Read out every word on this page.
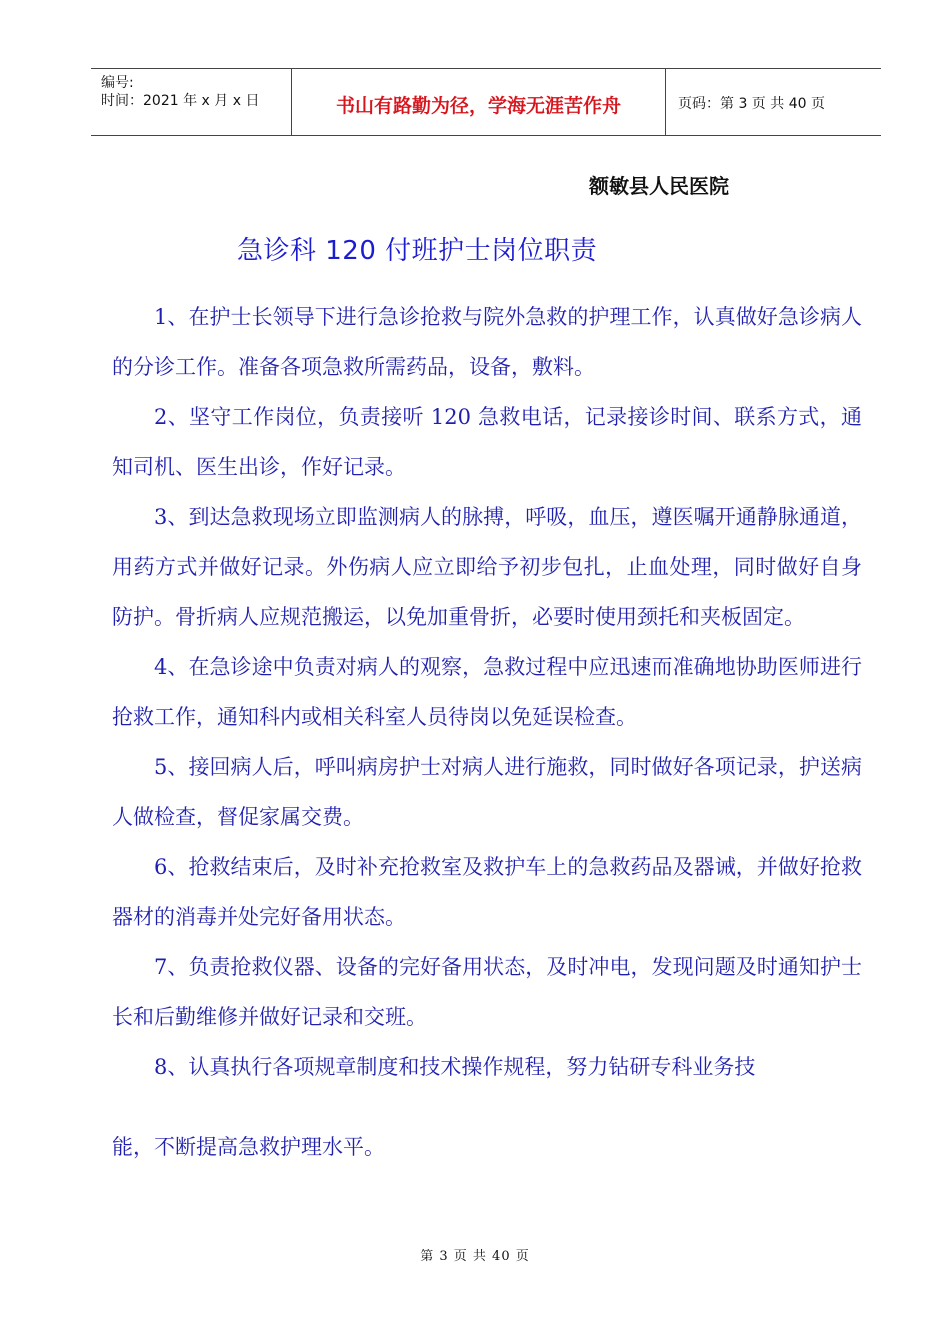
编号:
时间：2021 年 x 月 x 日	书山有路勤为径，学海无涯苦作舟	页码：第 3 页 共 40 页
额敏县人民医院
急诊科 120 付班护士岗位职责

1、在护士长领导下进行急诊抢救与院外急救的护理工作，认真做好急诊病人的分诊工作。准备各项急救所需药品，设备，敷料。

2、坚守工作岗位，负责接听 120 急救电话，记录接诊时间、联系方式，通知司机、医生出诊，作好记录。

3、到达急救现场立即监测病人的脉搏，呼吸，血压，遵医嘱开通静脉通道，用药方式并做好记录。外伤病人应立即给予初步包扎，止血处理，同时做好自身防护。骨折病人应规范搬运，以免加重骨折，必要时使用颈托和夹板固定。

4、在急诊途中负责对病人的观察，急救过程中应迅速而准确地协助医师进行抢救工作，通知科内或相关科室人员待岗以免延误检查。

5、接回病人后，呼叫病房护士对病人进行施救，同时做好各项记录，护送病人做检查，督促家属交费。

6、抢救结束后，及时补充抢救室及救护车上的急救药品及器诫，并做好抢救器材的消毒并处完好备用状态。

7、负责抢救仪器、设备的完好备用状态，及时冲电，发现问题及时通知护士长和后勤维修并做好记录和交班。

8、认真执行各项规章制度和技术操作规程，努力钻研专科业务技
能，不断提高急救护理水平。

第 3 页 共 40 页
